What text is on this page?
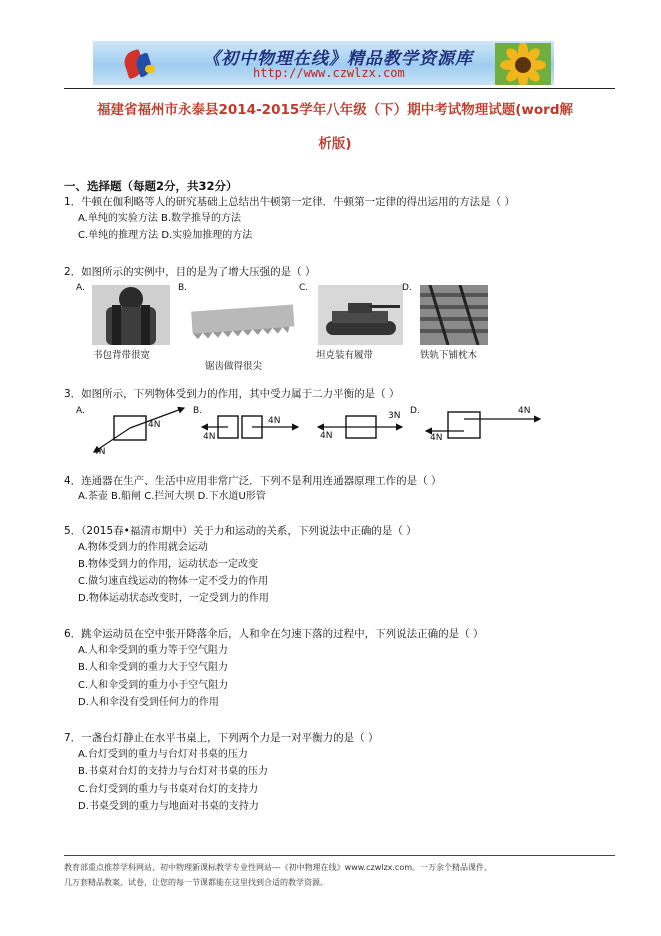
《初中物理在线》精品教学资源库
http://www.czwlzx.com
福建省福州市永泰县2014-2015学年八年级（下）期中考试物理试题(word解
析版)
一、选择题（每题2分，共32分）
1．牛顿在伽利略等人的研究基础上总结出牛顿第一定律．牛顿第一定律的得出运用的方法是（ ）
A.单纯的实验方法 B.数学推导的方法
C.单纯的推理方法 D.实验加推理的方法
2．如图所示的实例中，目的是为了增大压强的是（ ）
A.
书包背带很宽
B.
锯齿做得很尖
C.
坦克装有履带
D.
铁轨下铺枕木
3．如图所示，下列物体受到力的作用，其中受力属于二力平衡的是（ ）
A.
4N
4N
B.
4N
4N
4N
3N D.
4N
4N
4．连通器在生产、生活中应用非常广泛．下列不是利用连通器原理工作的是（ ）
A.茶壶 B.船闸 C.拦河大坝 D.下水道U形管
5．（2015春•福清市期中）关于力和运动的关系，下列说法中正确的是（ ）
A.物体受到力的作用就会运动
B.物体受到力的作用，运动状态一定改变
C.做匀速直线运动的物体一定不受力的作用
D.物体运动状态改变时，一定受到力的作用
6．跳伞运动员在空中张开降落伞后，人和伞在匀速下落的过程中，下列说法正确的是（ ）
A.人和伞受到的重力等于空气阻力
B.人和伞受到的重力大于空气阻力
C.人和伞受到的重力小于空气阻力
D.人和伞没有受到任何力的作用
7．一盏台灯静止在水平书桌上，下列两个力是一对平衡力的是（ ）
A.台灯受到的重力与台灯对书桌的压力
B.书桌对台灯的支持力与台灯对书桌的压力
C.台灯受到的重力与书桌对台灯的支持力
D.书桌受到的重力与地面对书桌的支持力
教育部重点推荐学科网站、初中物理新课标教学专业性网站---《初中物理在线》www.czwlzx.com。一万余个精品课件、
几万套精品教案、试卷，让您的每一节课都能在这里找到合适的教学资源。
